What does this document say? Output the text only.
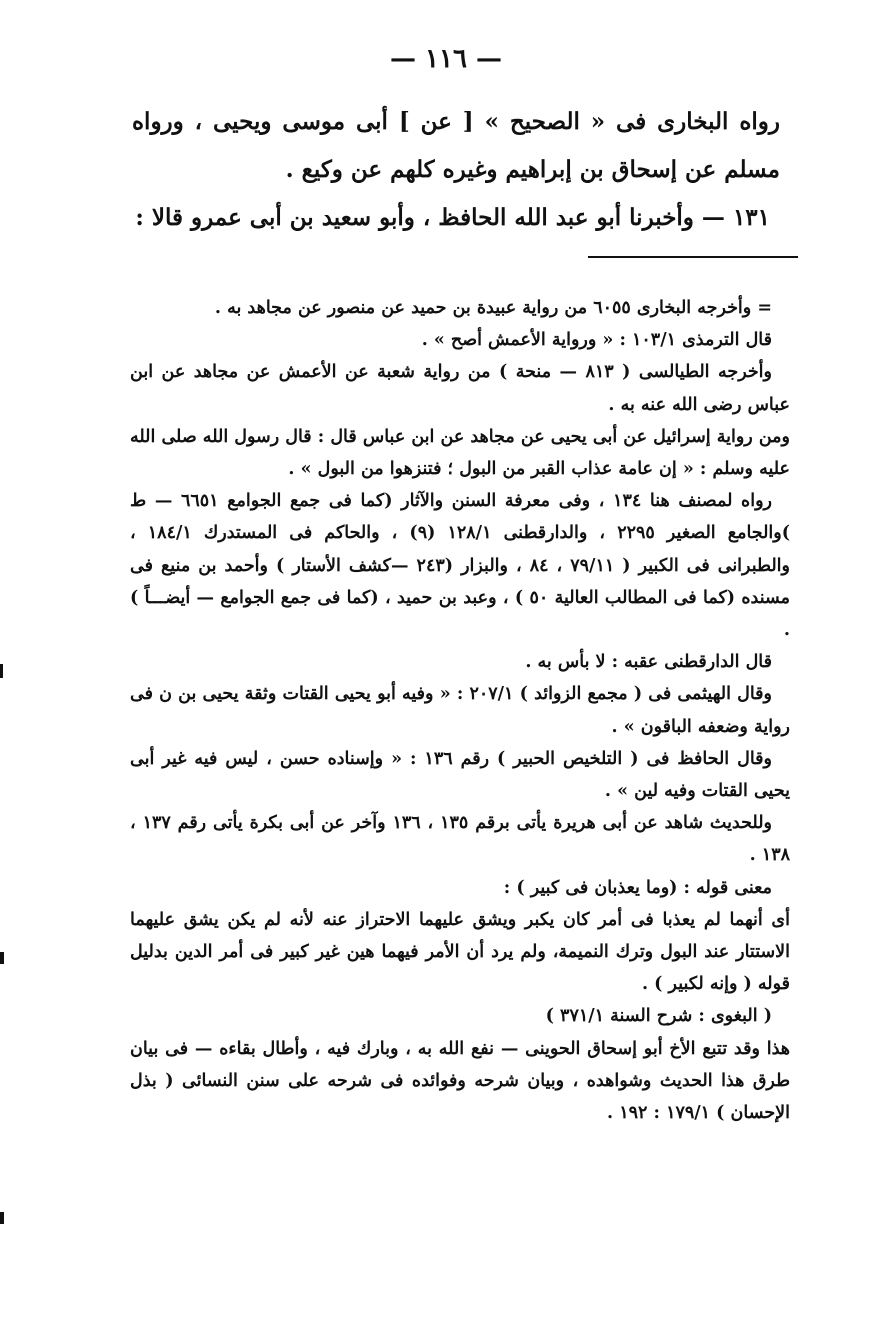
— ١١٦ —

رواه البخارى فى « الصحيح » [ عن ] أبى موسى ويحيى ، ورواه مسلم عن إسحاق بن إبراهيم وغيره كلهم عن وكيع .

١٣١ — وأخبرنا أبو عبد الله الحافظ ، وأبو سعيد بن أبى عمرو قالا :

= وأخرجه البخارى ٦٠٥٥ من رواية عبيدة بن حميد عن منصور عن مجاهد به .

قال الترمذى ١٠٣/١ : « ورواية الأعمش أصح » .

وأخرجه الطيالسى ( ٨١٣ — منحة ) من رواية شعبة عن الأعمش عن مجاهد عن ابن عباس رضى الله عنه به .

ومن رواية إسرائيل عن أبى يحيى عن مجاهد عن ابن عباس قال : قال رسول الله صلى الله عليه وسلم : « إن عامة عذاب القبر من البول ؛ فتنزهوا من البول » .

رواه لمصنف هنا ١٣٤ ، وفى معرفة السنن والآثار (كما فى جمع الجوامع ٦٦٥١ — ط )والجامع الصغير ٢٢٩٥ ، والدارقطنى ١٢٨/١ (٩) ، والحاكم فى المستدرك ١٨٤/١ ، والطبرانى فى الكبير ( ٧٩/١١ ، ٨٤ ، والبزار (٢٤٣ —كشف الأستار ) وأحمد بن منيع فى مسنده (كما فى المطالب العالية ٥٠ ) ، وعبد بن حميد ، (كما فى جمع الجوامع — أيضـــاً ) .

قال الدارقطنى عقبه : لا بأس به .

وقال الهيثمى فى ( مجمع الزوائد ) ٢٠٧/١ : « وفيه أبو يحيى القتات وثقة يحيى بن ن فى رواية وضعفه الباقون » .

وقال الحافظ فى ( التلخيص الحبير ) رقم ١٣٦ : « وإسناده حسن ، ليس فيه غير أبى يحيى القتات وفيه لين » .

وللحديث شاهد عن أبى هريرة يأتى برقم ١٣٥ ، ١٣٦ وآخر عن أبى بكرة يأتى رقم ١٣٧ ، ١٣٨ .

معنى قوله : (وما يعذبان فى كبير ) :

أى أنهما لم يعذبا فى أمر كان يكبر ويشق عليهما الاحتراز عنه لأنه لم يكن يشق عليهما الاستتار عند البول وترك النميمة، ولم يرد أن الأمر فيهما هين غير كبير فى أمر الدين بدليل قوله ( وإنه لكبير ) .

( البغوى : شرح السنة ٣٧١/١ )

هذا وقد تتبع الأخ أبو إسحاق الحوينى — نفع الله به ، وبارك فيه ، وأطال بقاءه — فى بيان طرق هذا الحديث وشواهده ، وبيان شرحه وفوائده فى شرحه على سنن النسائى ( بذل الإحسان ) ١٧٩/١ : ١٩٢ .
